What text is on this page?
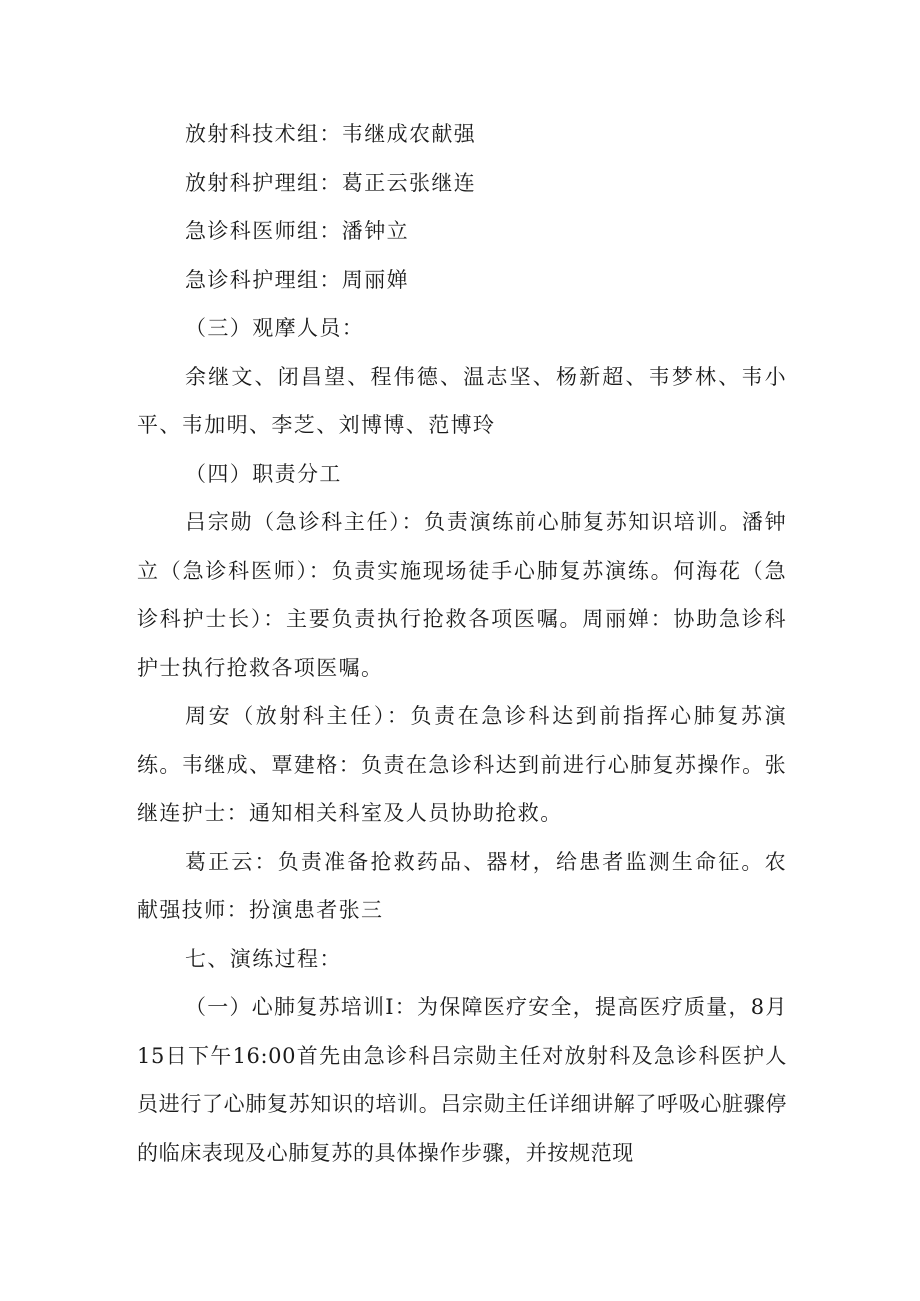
放射科技术组：韦继成农献强

放射科护理组：葛正云张继连

急诊科医师组：潘钟立

急诊科护理组：周丽婵

（三）观摩人员：

余继文、闭昌望、程伟德、温志坚、杨新超、韦梦林、韦小平、韦加明、李芝、刘博博、范博玲

（四）职责分工

吕宗勋（急诊科主任）：负责演练前心肺复苏知识培训。潘钟立（急诊科医师）：负责实施现场徒手心肺复苏演练。何海花（急诊科护士长）：主要负责执行抢救各项医嘱。周丽婵：协助急诊科护士执行抢救各项医嘱。

周安（放射科主任）：负责在急诊科达到前指挥心肺复苏演练。韦继成、覃建格：负责在急诊科达到前进行心肺复苏操作。张继连护士：通知相关科室及人员协助抢救。

葛正云：负责准备抢救药品、器材，给患者监测生命征。农献强技师：扮演患者张三

七、演练过程：

（一）心肺复苏培训Ⅰ：为保障医疗安全，提高医疗质量，8月15日下午16:00首先由急诊科吕宗勋主任对放射科及急诊科医护人员进行了心肺复苏知识的培训。吕宗勋主任详细讲解了呼吸心脏骤停的临床表现及心肺复苏的具体操作步骤，并按规范现
